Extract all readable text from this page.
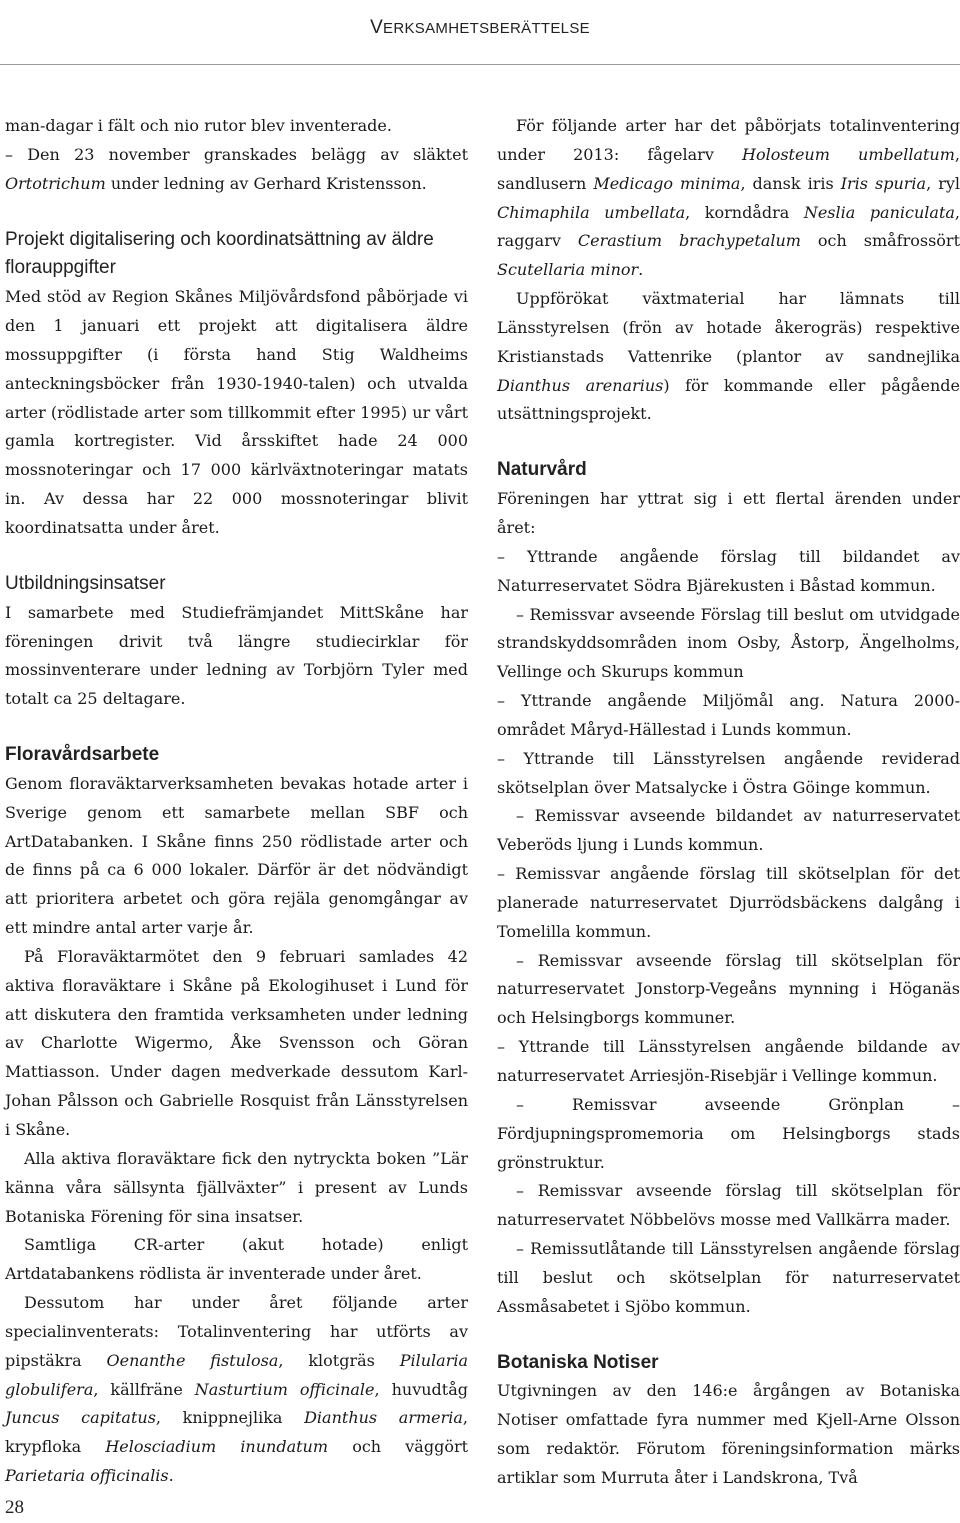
VERKSAMHETSBERÄTTELSE

man-dagar i fält och nio rutor blev inventerade.

– Den 23 november granskades belägg av släktet Ortotrichum under ledning av Gerhard Kristensson.

Projekt digitalisering och koordinatsättning av äldre florauppgifter

Med stöd av Region Skånes Miljövårdsfond påbörjade vi den 1 januari ett projekt att digitalisera äldre mossuppgifter (i första hand Stig Waldheims anteckningsböcker från 1930-1940-talen) och utvalda arter (rödlistade arter som tillkommit efter 1995) ur vårt gamla kortregister. Vid årsskiftet hade 24 000 mossnoteringar och 17 000 kärlväxtnoteringar matats in. Av dessa har 22 000 mossnoteringar blivit koordinatsatta under året.

Utbildningsinsatser

I samarbete med Studiefrämjandet MittSkåne har föreningen drivit två längre studiecirklar för mossinventerare under ledning av Torbjörn Tyler med totalt ca 25 deltagare.

Floravårdsarbete

Genom floraväktarverksamheten bevakas hotade arter i Sverige genom ett samarbete mellan SBF och ArtDatabanken. I Skåne finns 250 rödlistade arter och de finns på ca 6 000 lokaler. Därför är det nödvändigt att prioritera arbetet och göra rejäla genomgångar av ett mindre antal arter varje år.

På Floraväktarmötet den 9 februari samlades 42 aktiva floraväktare i Skåne på Ekologihuset i Lund för att diskutera den framtida verksamheten under ledning av Charlotte Wigermo, Åke Svensson och Göran Mattiasson. Under dagen medverkade dessutom Karl-Johan Pålsson och Gabrielle Rosquist från Länsstyrelsen i Skåne.

Alla aktiva floraväktare fick den nytryckta boken ”Lär känna våra sällsynta fjällväxter” i present av Lunds Botaniska Förening för sina insatser.

Samtliga CR-arter (akut hotade) enligt Artdatabankens rödlista är inventerade under året.

Dessutom har under året följande arter specialinventerats: Totalinventering har utförts av pipstäkra Oenanthe fistulosa, klotgräs Pilularia globulifera, källfräne Nasturtium officinale, huvudtåg Juncus capitatus, knippnejlika Dianthus armeria, krypfloka Helosciadium inundatum och väggört Parietaria officinalis.

För följande arter har det påbörjats totalinventering under 2013: fågelarv Holosteum umbellatum, sandlusern Medicago minima, dansk iris Iris spuria, ryl Chimaphila umbellata, korndådra Neslia paniculata, raggarv Cerastium brachypetalum och småfrossört Scutellaria minor.

Uppförökat växtmaterial har lämnats till Länsstyrelsen (frön av hotade åkerogräs) respektive Kristianstads Vattenrike (plantor av sandnejlika Dianthus arenarius) för kommande eller pågående utsättningsprojekt.

Naturvård

Föreningen har yttrat sig i ett flertal ärenden under året:

– Yttrande angående förslag till bildandet av Naturreservatet Södra Bjärekusten i Båstad kommun.

– Remissvar avseende Förslag till beslut om utvidgade strandskyddsområden inom Osby, Åstorp, Ängelholms, Vellinge och Skurups kommun

– Yttrande angående Miljömål ang. Natura 2000-området Måryd-Hällestad i Lunds kommun.

– Yttrande till Länsstyrelsen angående reviderad skötselplan över Matsalycke i Östra Göinge kommun.

– Remissvar avseende bildandet av naturreservatet Veberöds ljung i Lunds kommun.

– Remissvar angående förslag till skötselplan för det planerade naturreservatet Djurrödsbäckens dalgång i Tomelilla kommun.

– Remissvar avseende förslag till skötselplan för naturreservatet Jonstorp-Vegeåns mynning i Höganäs och Helsingborgs kommuner.

– Yttrande till Länsstyrelsen angående bildande av naturreservatet Arriesjön-Risebjär i Vellinge kommun.

– Remissvar avseende Grönplan – Fördjupningspromemoria om Helsingborgs stads grönstruktur.

– Remissvar avseende förslag till skötselplan för naturreservatet Nöbbelövs mosse med Vallkärra mader.

– Remissutlåtande till Länsstyrelsen angående förslag till beslut och skötselplan för naturreservatet Assmåsabetet i Sjöbo kommun.

Botaniska Notiser

Utgivningen av den 146:e årgången av Botaniska Notiser omfattade fyra nummer med Kjell-Arne Olsson som redaktör. Förutom föreningsinformation märks artiklar som Murruta åter i Landskrona, Två

28
